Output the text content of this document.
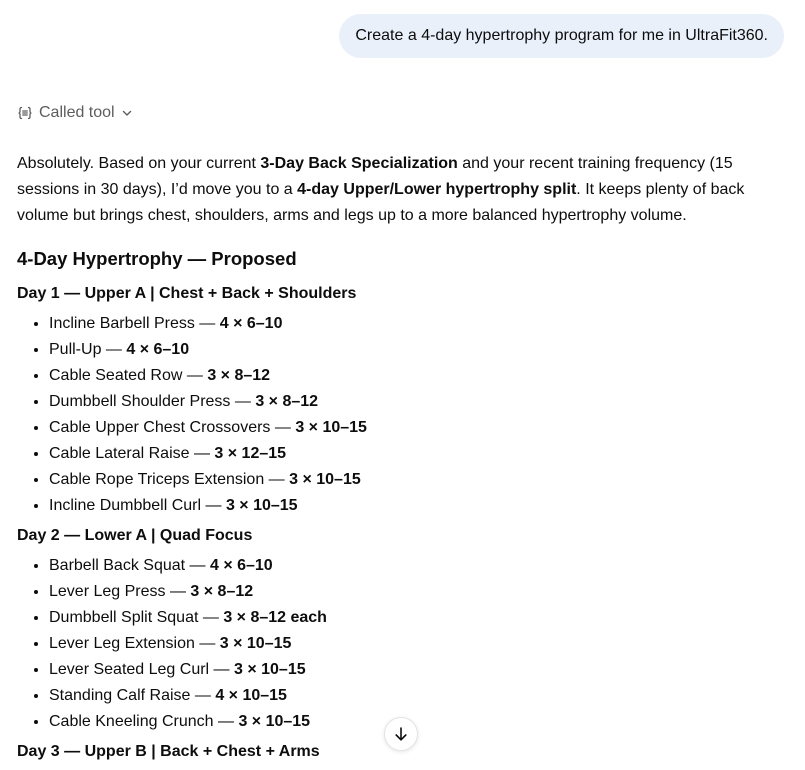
Create a 4-day hypertrophy program for me in UltraFit360.
Called tool

Absolutely. Based on your current 3-Day Back Specialization and your recent training frequency (15 sessions in 30 days), I’d move you to a 4-day Upper/Lower hypertrophy split. It keeps plenty of back volume but brings chest, shoulders, arms and legs up to a more balanced hypertrophy volume.

4-Day Hypertrophy — Proposed
Day 1 — Upper A | Chest + Back + Shoulders
• Incline Barbell Press — 4 × 6–10
• Pull-Up — 4 × 6–10
• Cable Seated Row — 3 × 8–12
• Dumbbell Shoulder Press — 3 × 8–12
• Cable Upper Chest Crossovers — 3 × 10–15
• Cable Lateral Raise — 3 × 12–15
• Cable Rope Triceps Extension — 3 × 10–15
• Incline Dumbbell Curl — 3 × 10–15
Day 2 — Lower A | Quad Focus
• Barbell Back Squat — 4 × 6–10
• Lever Leg Press — 3 × 8–12
• Dumbbell Split Squat — 3 × 8–12 each
• Lever Leg Extension — 3 × 10–15
• Lever Seated Leg Curl — 3 × 10–15
• Standing Calf Raise — 4 × 10–15
• Cable Kneeling Crunch — 3 × 10–15
Day 3 — Upper B | Back + Chest + Arms
